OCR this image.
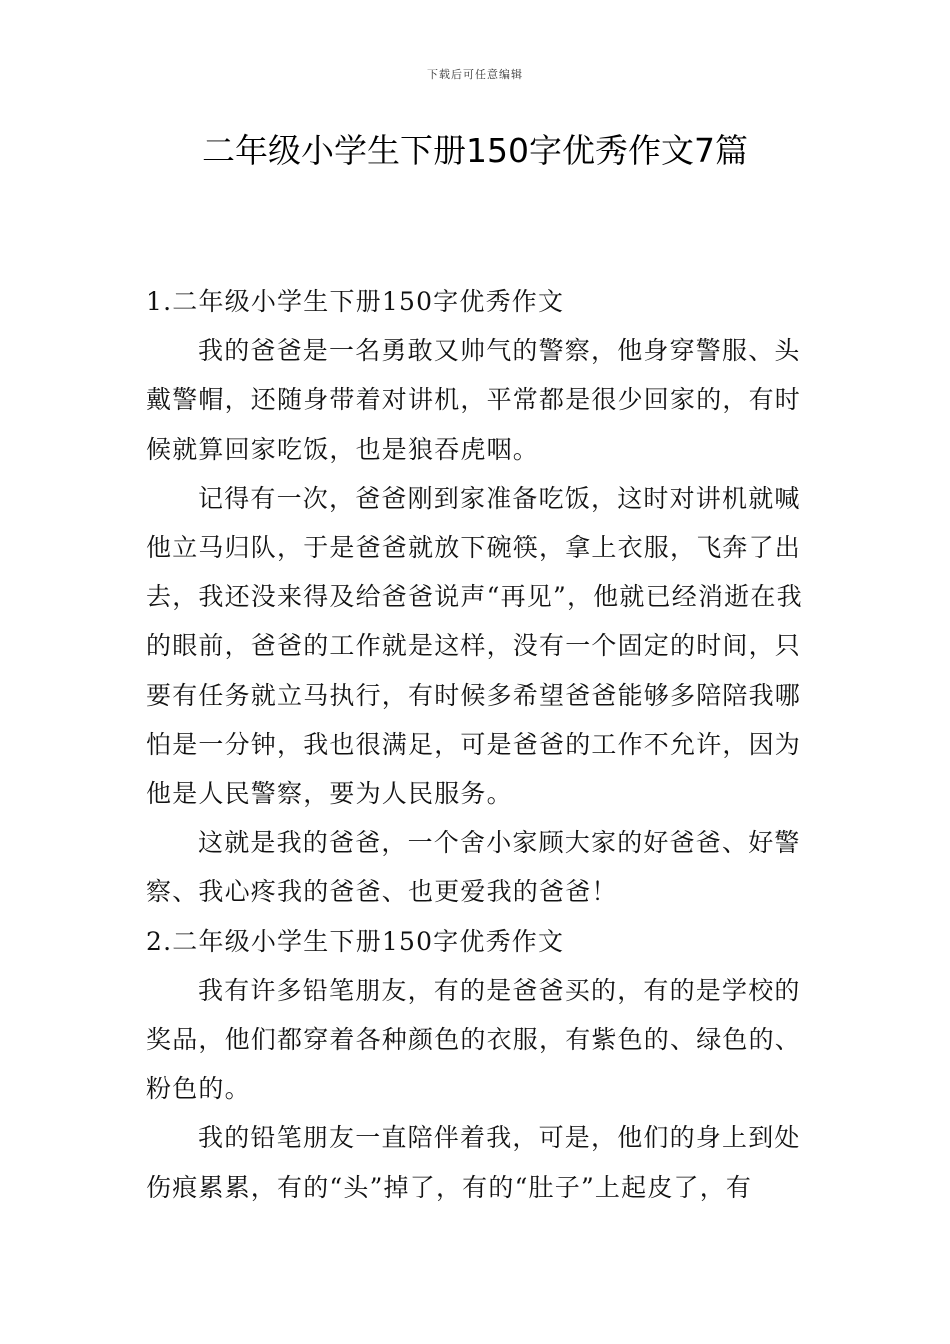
下载后可任意编辑
二年级小学生下册150字优秀作文7篇

1.二年级小学生下册150字优秀作文

我的爸爸是一名勇敢又帅气的警察，他身穿警服、头戴警帽，还随身带着对讲机，平常都是很少回家的，有时候就算回家吃饭，也是狼吞虎咽。

记得有一次，爸爸刚到家准备吃饭，这时对讲机就喊他立马归队，于是爸爸就放下碗筷，拿上衣服，飞奔了出去，我还没来得及给爸爸说声“再见”，他就已经消逝在我的眼前，爸爸的工作就是这样，没有一个固定的时间，只要有任务就立马执行，有时候多希望爸爸能够多陪陪我哪怕是一分钟，我也很满足，可是爸爸的工作不允许，因为他是人民警察，要为人民服务。

这就是我的爸爸，一个舍小家顾大家的好爸爸、好警察、我心疼我的爸爸、也更爱我的爸爸！

2.二年级小学生下册150字优秀作文

我有许多铅笔朋友，有的是爸爸买的，有的是学校的奖品，他们都穿着各种颜色的衣服，有紫色的、绿色的、粉色的。

我的铅笔朋友一直陪伴着我，可是，他们的身上到处伤痕累累，有的“头”掉了，有的“肚子”上起皮了，有
